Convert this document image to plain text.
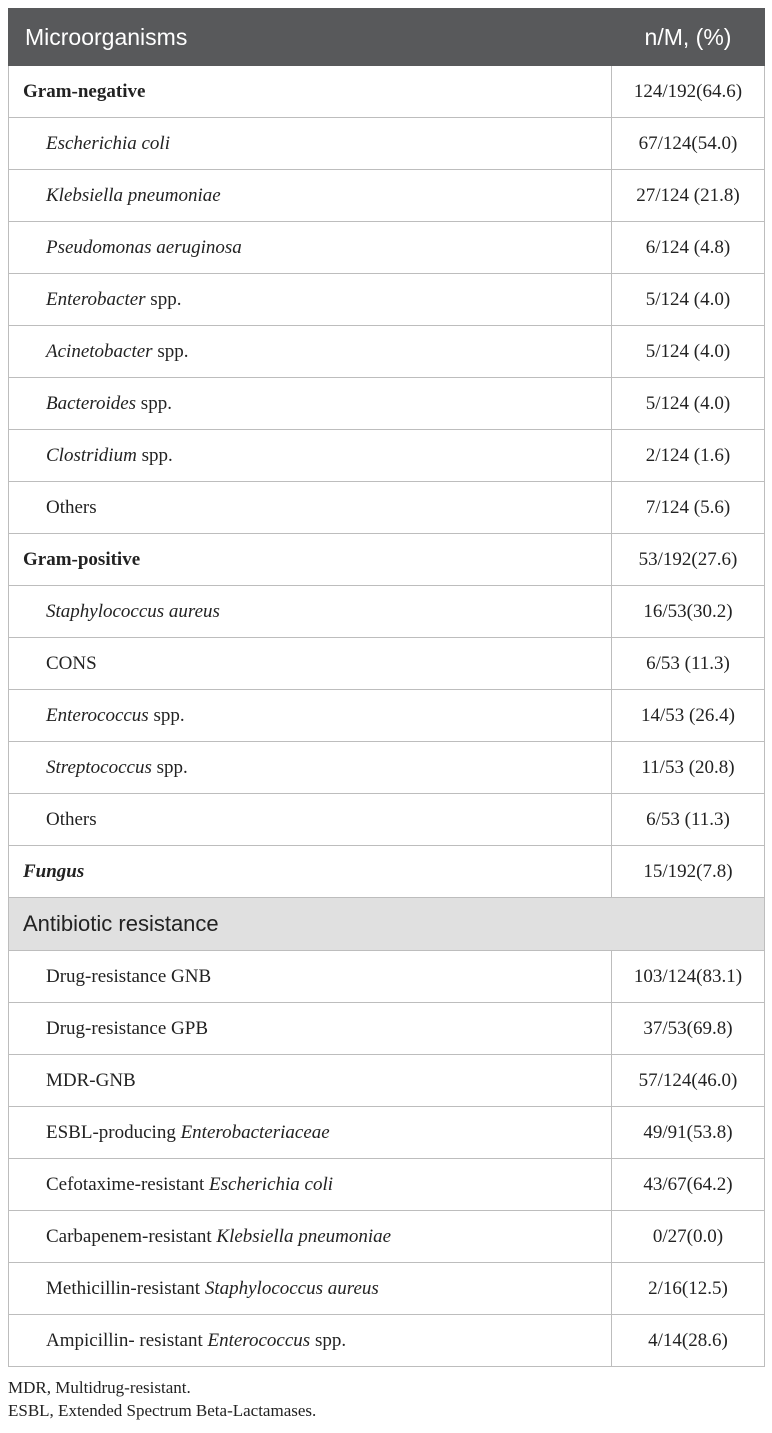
Microorganisms	n/M, (%)
Gram-negative	124/192(64.6)
Escherichia coli	67/124(54.0)
Klebsiella pneumoniae	27/124 (21.8)
Pseudomonas aeruginosa	6/124 (4.8)
Enterobacter spp.	5/124 (4.0)
Acinetobacter spp.	5/124 (4.0)
Bacteroides spp.	5/124 (4.0)
Clostridium spp.	2/124 (1.6)
Others	7/124 (5.6)
Gram-positive	53/192(27.6)
Staphylococcus aureus	16/53(30.2)
CONS	6/53 (11.3)
Enterococcus spp.	14/53 (26.4)
Streptococcus spp.	11/53 (20.8)
Others	6/53 (11.3)
Fungus	15/192(7.8)
Antibiotic resistance	
Drug-resistance GNB	103/124(83.1)
Drug-resistance GPB	37/53(69.8)
MDR-GNB	57/124(46.0)
ESBL-producing Enterobacteriaceae	49/91(53.8)
Cefotaxime-resistant Escherichia coli	43/67(64.2)
Carbapenem-resistant Klebsiella pneumoniae	0/27(0.0)
Methicillin-resistant Staphylococcus aureus	2/16(12.5)
Ampicillin- resistant Enterococcus spp.	4/14(28.6)
MDR, Multidrug-resistant.
ESBL, Extended Spectrum Beta-Lactamases.
